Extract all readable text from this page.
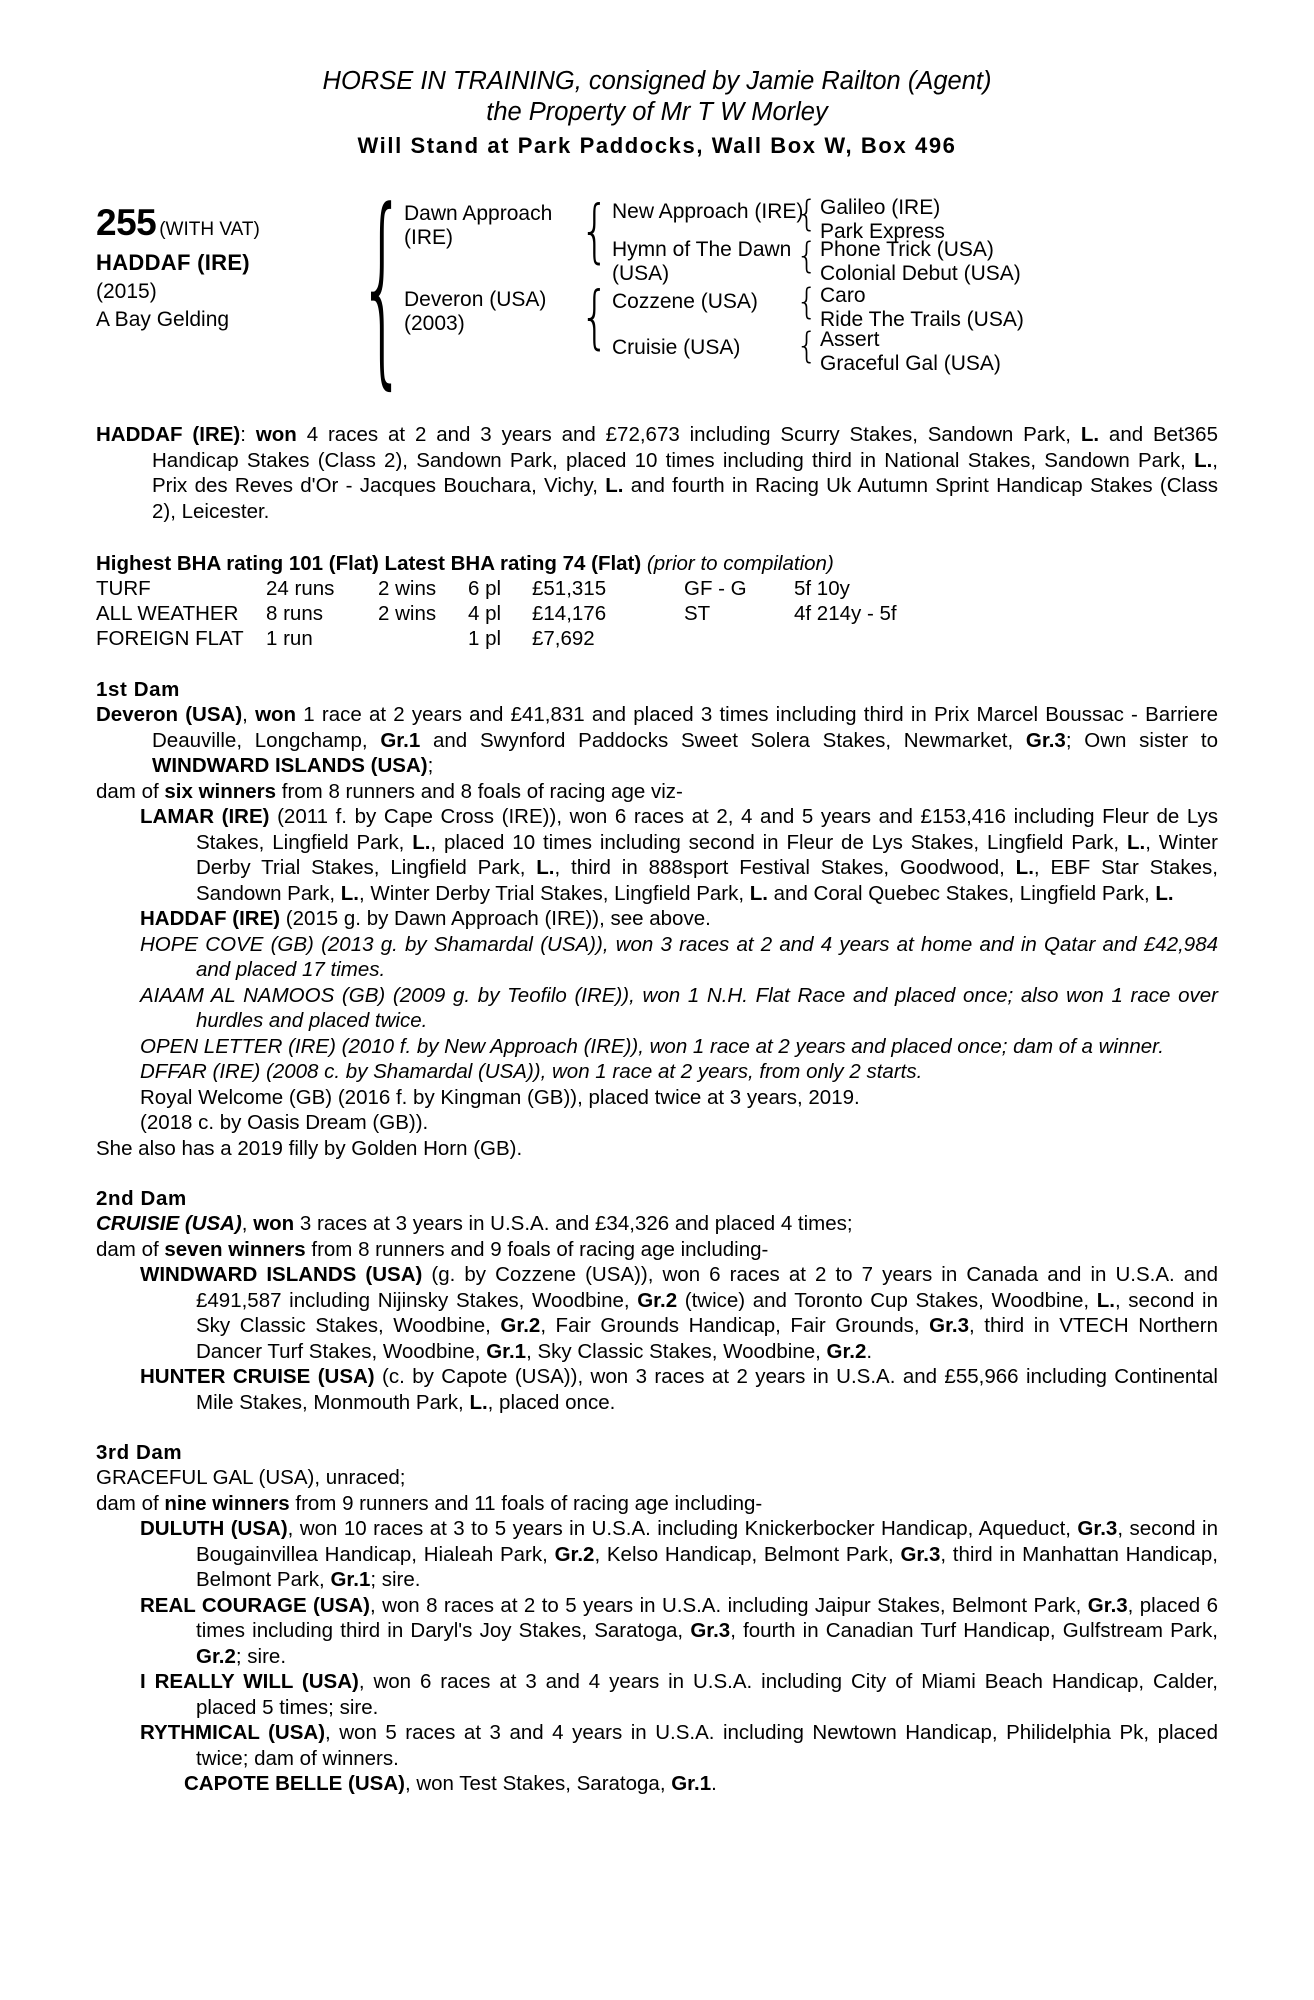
HORSE IN TRAINING, consigned by Jamie Railton (Agent)
the Property of Mr T W Morley
Will Stand at Park Paddocks, Wall Box W, Box 496
255 (WITH VAT)
HADDAF (IRE)
(2015)
A Bay Gelding {
Dawn Approach
(IRE)
Deveron (USA)
(2003)
{
{
New Approach (IRE)
Hymn of The Dawn
(USA)
Cozzene (USA)
Cruisie (USA)
{
{
{
{
Galileo (IRE)
Park Express
Phone Trick (USA)
Colonial Debut (USA)
Caro
Ride The Trails (USA)
Assert
Graceful Gal (USA)
HADDAF (IRE): won 4 races at 2 and 3 years and £72,673 including Scurry Stakes, Sandown Park, L. and Bet365 Handicap Stakes (Class 2), Sandown Park, placed 10 times including third in National Stakes, Sandown Park, L., Prix des Reves d'Or - Jacques Bouchara, Vichy, L. and fourth in Racing Uk Autumn Sprint Handicap Stakes (Class 2), Leicester.
Highest BHA rating 101 (Flat) Latest BHA rating 74 (Flat) (prior to compilation)
TURF	24 runs	2 wins	6 pl	£51,315	GF - G	5f 10y
ALL WEATHER	8 runs	2 wins	4 pl	£14,176	ST	4f 214y - 5f
FOREIGN FLAT	1 run		1 pl	£7,692		
1st Dam
Deveron (USA), won 1 race at 2 years and £41,831 and placed 3 times including third in Prix Marcel Boussac - Barriere Deauville, Longchamp, Gr.1 and Swynford Paddocks Sweet Solera Stakes, Newmarket, Gr.3; Own sister to WINDWARD ISLANDS (USA);
dam of six winners from 8 runners and 8 foals of racing age viz-
LAMAR (IRE) (2011 f. by Cape Cross (IRE)), won 6 races at 2, 4 and 5 years and £153,416 including Fleur de Lys Stakes, Lingfield Park, L., placed 10 times including second in Fleur de Lys Stakes, Lingfield Park, L., Winter Derby Trial Stakes, Lingfield Park, L., third in 888sport Festival Stakes, Goodwood, L., EBF Star Stakes, Sandown Park, L., Winter Derby Trial Stakes, Lingfield Park, L. and Coral Quebec Stakes, Lingfield Park, L.
HADDAF (IRE) (2015 g. by Dawn Approach (IRE)), see above.
HOPE COVE (GB) (2013 g. by Shamardal (USA)), won 3 races at 2 and 4 years at home and in Qatar and £42,984 and placed 17 times.
AIAAM AL NAMOOS (GB) (2009 g. by Teofilo (IRE)), won 1 N.H. Flat Race and placed once; also won 1 race over hurdles and placed twice.
OPEN LETTER (IRE) (2010 f. by New Approach (IRE)), won 1 race at 2 years and placed once; dam of a winner.
DFFAR (IRE) (2008 c. by Shamardal (USA)), won 1 race at 2 years, from only 2 starts.
Royal Welcome (GB) (2016 f. by Kingman (GB)), placed twice at 3 years, 2019.
(2018 c. by Oasis Dream (GB)).
She also has a 2019 filly by Golden Horn (GB).
2nd Dam
CRUISIE (USA), won 3 races at 3 years in U.S.A. and £34,326 and placed 4 times;
dam of seven winners from 8 runners and 9 foals of racing age including-
WINDWARD ISLANDS (USA) (g. by Cozzene (USA)), won 6 races at 2 to 7 years in Canada and in U.S.A. and £491,587 including Nijinsky Stakes, Woodbine, Gr.2 (twice) and Toronto Cup Stakes, Woodbine, L., second in Sky Classic Stakes, Woodbine, Gr.2, Fair Grounds Handicap, Fair Grounds, Gr.3, third in VTECH Northern Dancer Turf Stakes, Woodbine, Gr.1, Sky Classic Stakes, Woodbine, Gr.2.
HUNTER CRUISE (USA) (c. by Capote (USA)), won 3 races at 2 years in U.S.A. and £55,966 including Continental Mile Stakes, Monmouth Park, L., placed once.
3rd Dam
GRACEFUL GAL (USA), unraced;
dam of nine winners from 9 runners and 11 foals of racing age including-
DULUTH (USA), won 10 races at 3 to 5 years in U.S.A. including Knickerbocker Handicap, Aqueduct, Gr.3, second in Bougainvillea Handicap, Hialeah Park, Gr.2, Kelso Handicap, Belmont Park, Gr.3, third in Manhattan Handicap, Belmont Park, Gr.1; sire.
REAL COURAGE (USA), won 8 races at 2 to 5 years in U.S.A. including Jaipur Stakes, Belmont Park, Gr.3, placed 6 times including third in Daryl's Joy Stakes, Saratoga, Gr.3, fourth in Canadian Turf Handicap, Gulfstream Park, Gr.2; sire.
I REALLY WILL (USA), won 6 races at 3 and 4 years in U.S.A. including City of Miami Beach Handicap, Calder, placed 5 times; sire.
RYTHMICAL (USA), won 5 races at 3 and 4 years in U.S.A. including Newtown Handicap, Philidelphia Pk, placed twice; dam of winners.
CAPOTE BELLE (USA), won Test Stakes, Saratoga, Gr.1.
